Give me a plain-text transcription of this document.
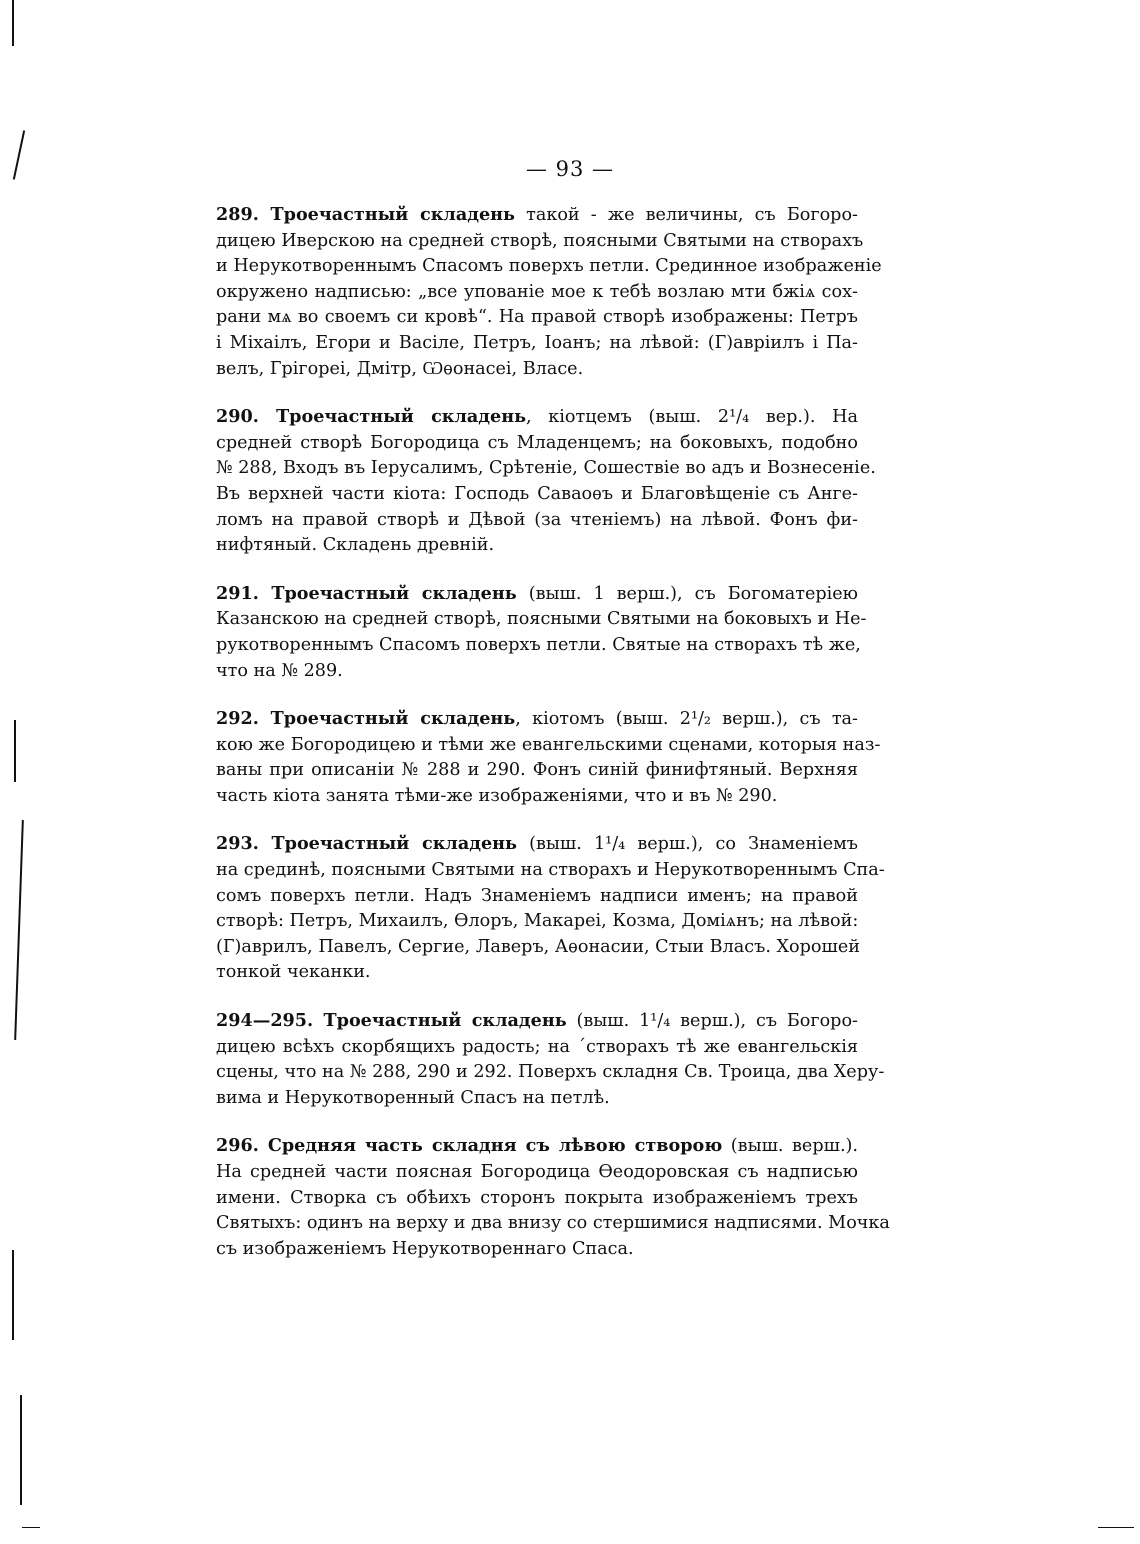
— 93 —
289. Троечастный складень такой - же величины, съ Богоро-
дицею Иверскою на средней створѣ, поясными Святыми на створахъ
и Нерукотвореннымъ Спасомъ поверхъ петли. Срединное изображеніе
окружено надписью: „все упованіе мое к тебѣ возлаю мти бжіѧ сох-
рани мѧ во своемъ си кровѣ“. На правой створѣ изображены: Петръ
і Міхаілъ, Егори и Васіле, Петръ, Іоанъ; на лѣвой: (Г)авріилъ і Па-
велъ, Грігорeі, Дмітр, Ѡѳонасеі, Власе.
290. Троечастный складень, кіотцемъ (выш. 2¹/₄ вер.). На
средней створѣ Богородица съ Младенцемъ; на боковыхъ, подобно
№ 288, Входъ въ Іерусалимъ, Срѣтеніе, Сошествіе во адъ и Вознесеніе.
Въ верхней части кіота: Господь Саваоѳъ и Благовѣщеніе съ Анге-
ломъ на правой створѣ и Дѣвой (за чтеніемъ) на лѣвой. Фонъ фи-
нифтяный. Складень древній.
291. Троечастный складень (выш. 1 верш.), съ Богоматеріею
Казанскою на средней створѣ, поясными Святыми на боковыхъ и Не-
рукотвореннымъ Спасомъ поверхъ петли. Святые на створахъ тѣ же,
что на № 289.
292. Троечастный складень, кіотомъ (выш. 2¹/₂ верш.), съ та-
кою же Богородицею и тѣми же евангельскими сценами, которыя наз-
ваны при описаніи № 288 и 290. Фонъ синій финифтяный. Верхняя
часть кіота занята тѣми-же изображеніями, что и въ № 290.
293. Троечастный складень (выш. 1¹/₄ верш.), со Знаменіемъ
на срединѣ, поясными Святыми на створахъ и Нерукотвореннымъ Спа-
сомъ поверхъ петли. Надъ Знаменіемъ надписи именъ; на правой
створѣ: Петръ, Михаилъ, Ѳлоръ, Макареі, Козма, Доміѧнъ; на лѣвой:
(Г)аврилъ, Павелъ, Сергие, Лаверъ, Аѳонасии, Стыи Власъ. Хорошей
тонкой чеканки.
294—295. Троечастный складень (выш. 1¹/₄ верш.), съ Богоро-
дицею всѣхъ скорбящихъ радость; на ´створахъ тѣ же евангельскія
сцены, что на № 288, 290 и 292. Поверхъ складня Св. Троица, два Херу-
вима и Нерукотворенный Спасъ на петлѣ.
296. Средняя часть складня съ лѣвою створою (выш. верш.).
На средней части поясная Богородица Ѳеодоровская съ надписью
имени. Створка съ обѣихъ сторонъ покрыта изображеніемъ трехъ
Святыхъ: одинъ на верху и два внизу со стершимися надписями. Мочка
съ изображеніемъ Нерукотвореннаго Спаса.
